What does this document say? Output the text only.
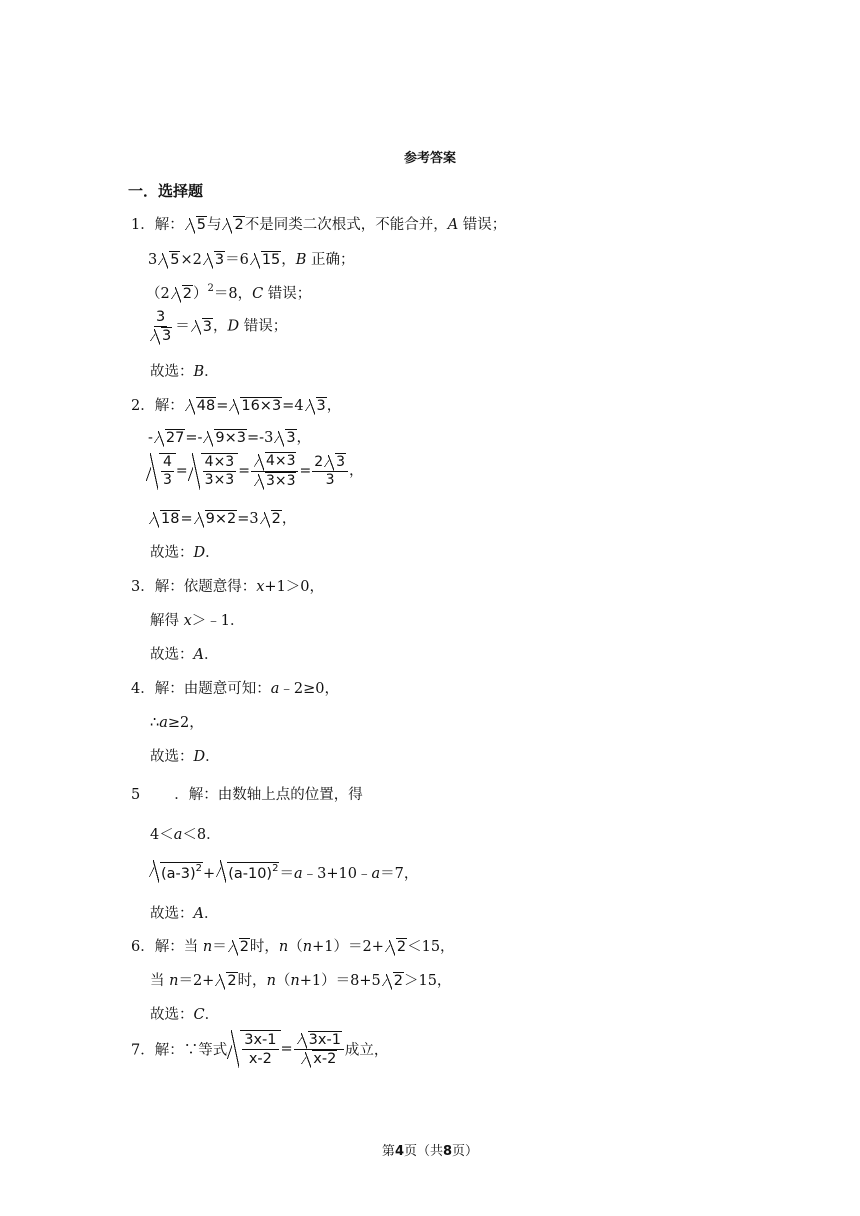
参考答案
一．选择题
1．解： 5与 2不是同类二次根式，不能合并，A 错误；
3 5×2 3＝6 15，B 正确；
（2 2）$^2$＝8，C 错误；
$\frac{3}{3} = 3$，D 错误；
故选：B．
2．解： 48= 16×3=4 3，
- 27=- 9×3=-3 3，
$\frac{4}{3} = \frac{4\times 3}{3\times 3} = \frac{4\times 3}{3\times 3} = \frac{2 3}{3}$ ，
18= 9×2=3 2，
故选：D．
3．解：依题意得：x+1＞0，
解得 x＞﹣1．
故选：A．
4．解：由题意可知：a﹣2≥0，
∴a≥2，
故选：D．
5 ．解：由数轴上点的位置，得
4＜a＜8．
$(a-3)^2+$ $(a-10)^2=a﹣3+10﹣a=7$，
故选：A．
6．解：当 n＝ 2时，n（n+1）＝2+ 2＜15，
当 n＝2+ 2时，n（n+1）＝8+5 2＞15，
故选：C．
7．解：∵等式 $\frac{3x-1}{x-2} = \frac{3x-1}{x-2}$ 成立，
第4页（共8页）
